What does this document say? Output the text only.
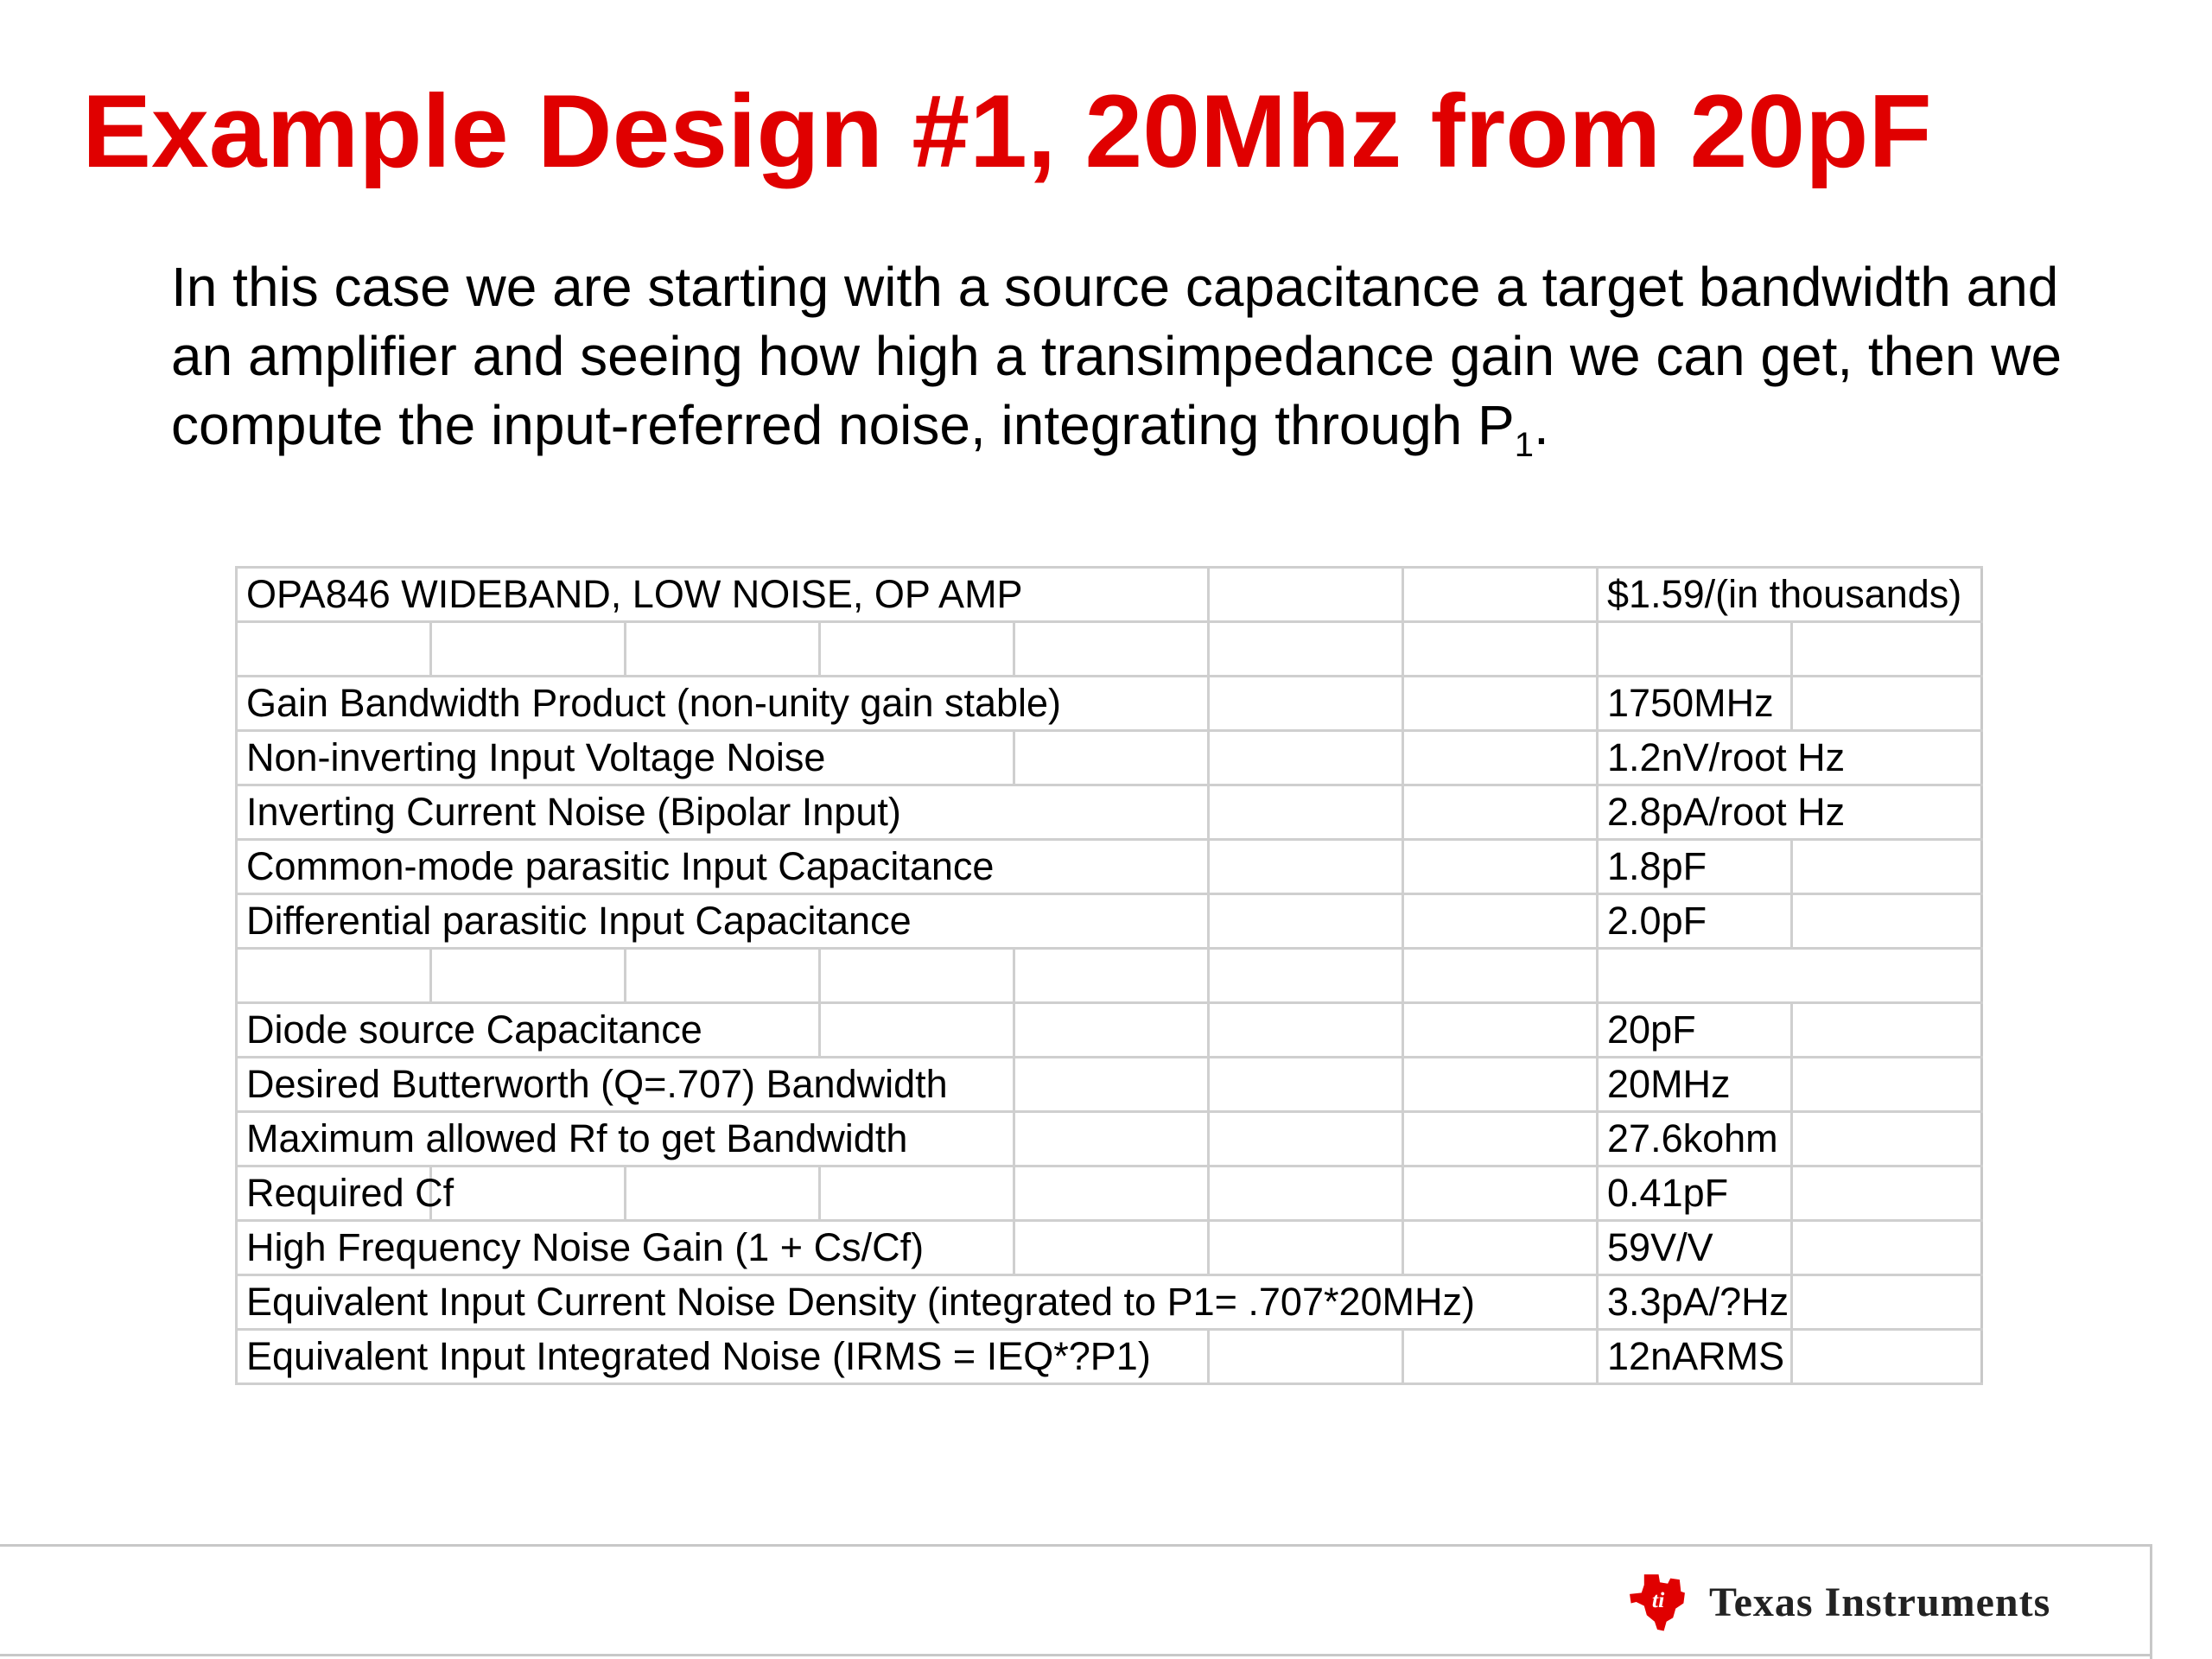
Example Design #1, 20Mhz from 20pF

In this case we are starting with a source capacitance a target bandwidth and an amplifier and seeing how high a transimpedance gain we can get, then we compute the input-referred noise, integrating through $P_1$.

OPA846 WIDEBAND, LOW NOISE, OP AMP							$1.59/(in thousands)	

Gain Bandwidth Product (non-unity gain stable)							1750MHz	
Non-inverting Input Voltage Noise							1.2nV/root Hz	
Inverting Current Noise (Bipolar Input)							2.8pA/root Hz	
Common-mode parasitic Input Capacitance							1.8pF	
Differential parasitic Input Capacitance							2.0pF	

Diode source Capacitance							20pF	
Desired Butterworth (Q=.707) Bandwidth							20MHz	
Maximum allowed Rf to get Bandwidth							27.6kohm	
Required Cf							0.41pF	
High Frequency Noise Gain (1 + Cs/Cf)							59V/V	
Equivalent Input Current Noise Density (integrated to P1= .707*20MHz)							3.3pA/?Hz	
Equivalent Input Integrated Noise (IRMS = IEQ*?P1)							12nARMS	
ti Texas Instruments
